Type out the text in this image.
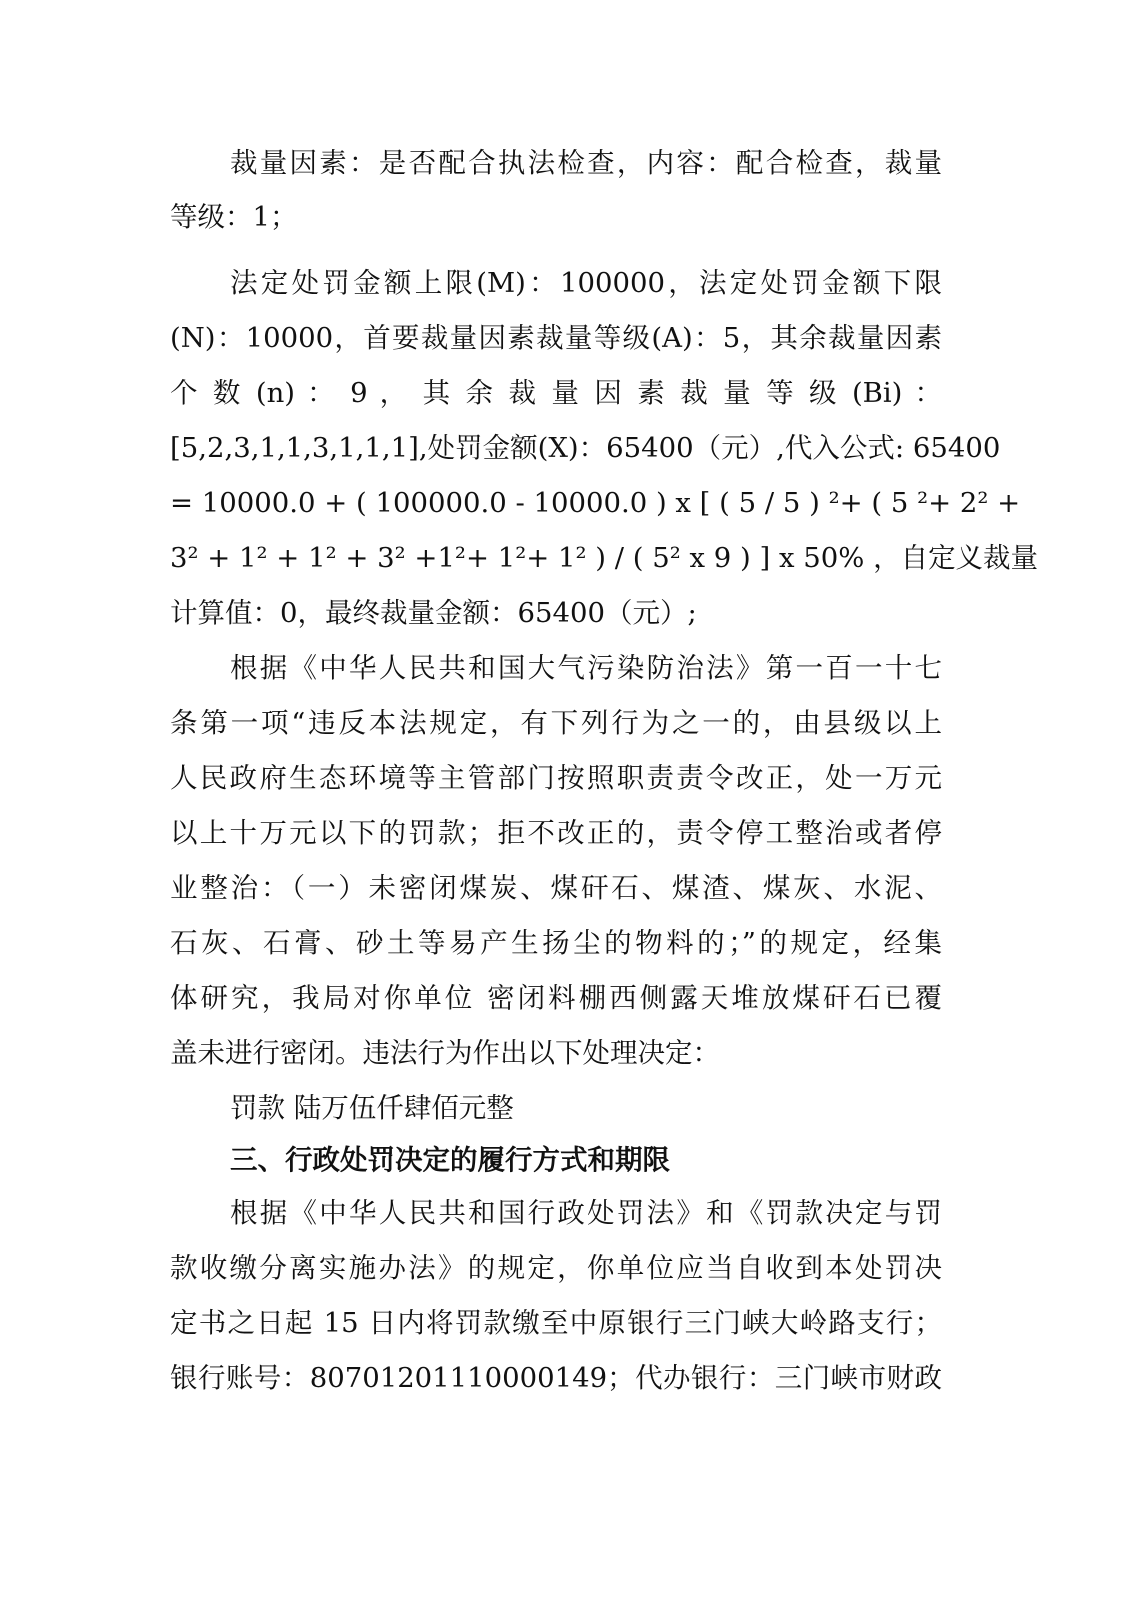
裁量因素：是否配合执法检查，内容：配合检查，裁量
等级：1；
法定处罚金额上限(M)：100000，法定处罚金额下限
(N)：10000，首要裁量因素裁量等级(A)：5，其余裁量因素
个 数 (n) ： 9 ， 其 余 裁 量 因 素 裁 量 等 级 (Bi) ：
[5,2,3,1,1,3,1,1,1],处罚金额(X)：65400（元）,代入公式: 65400
= 10000.0 + ( 100000.0 - 10000.0 ) x [ ( 5 / 5 ) ²+ ( 5 ²+ 2² +
3² + 1² + 1² + 3² +1²+ 1²+ 1² ) / ( 5² x 9 ) ] x 50% ，自定义裁量
计算值：0，最终裁量金额：65400（元）;
根据《中华人民共和国大气污染防治法》第一百一十七
条第一项“违反本法规定，有下列行为之一的，由县级以上
人民政府生态环境等主管部门按照职责责令改正，处一万元
以上十万元以下的罚款；拒不改正的，责令停工整治或者停
业整治：（一）未密闭煤炭、煤矸石、煤渣、煤灰、水泥、
石灰、石膏、砂土等易产生扬尘的物料的；”的规定，经集
体研究，我局对你单位 密闭料棚西侧露天堆放煤矸石已覆
盖未进行密闭。违法行为作出以下处理决定：
罚款 陆万伍仟肆佰元整
三、行政处罚决定的履行方式和期限
根据《中华人民共和国行政处罚法》和《罚款决定与罚
款收缴分离实施办法》的规定，你单位应当自收到本处罚决
定书之日起 15 日内将罚款缴至中原银行三门峡大岭路支行；
银行账号：80701201110000149；代办银行：三门峡市财政
